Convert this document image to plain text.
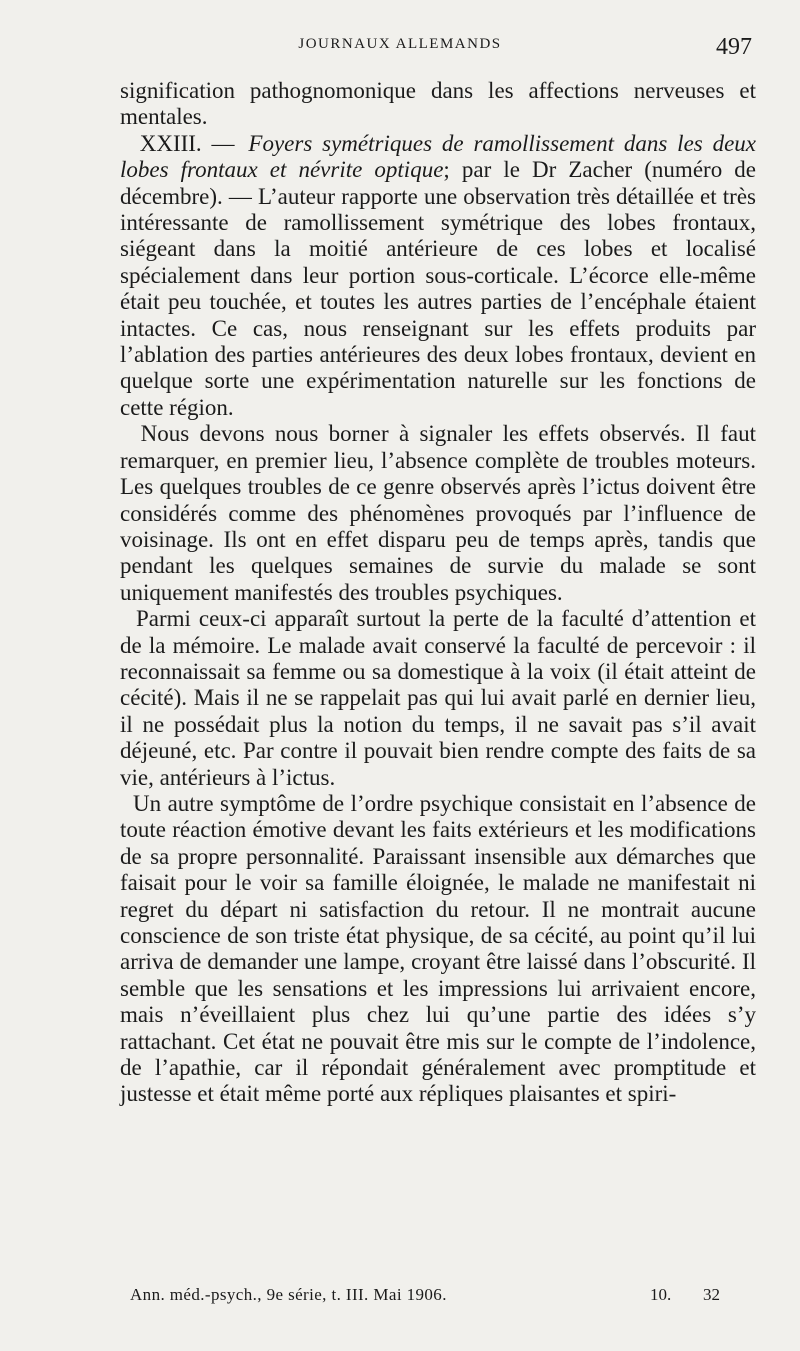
JOURNAUX ALLEMANDS	497

signification pathognomonique dans les affections nerveuses et mentales.

XXIII. — Foyers symétriques de ramollissement dans les deux lobes frontaux et névrite optique; par le Dr Zacher (numéro de décembre). — L’auteur rapporte une observation très détaillée et très intéressante de ramollissement symétrique des lobes frontaux, siégeant dans la moitié antérieure de ces lobes et localisé spécialement dans leur portion sous-corticale. L’écorce elle-même était peu touchée, et toutes les autres parties de l’encéphale étaient intactes. Ce cas, nous renseignant sur les effets produits par l’ablation des parties antérieures des deux lobes frontaux, devient en quelque sorte une expérimentation naturelle sur les fonctions de cette région.

Nous devons nous borner à signaler les effets observés. Il faut remarquer, en premier lieu, l’absence complète de troubles moteurs. Les quelques troubles de ce genre observés après l’ictus doivent être considérés comme des phénomènes provoqués par l’influence de voisinage. Ils ont en effet disparu peu de temps après, tandis que pendant les quelques semaines de survie du malade se sont uniquement manifestés des troubles psychiques.

Parmi ceux-ci apparaît surtout la perte de la faculté d’attention et de la mémoire. Le malade avait conservé la faculté de percevoir : il reconnaissait sa femme ou sa domestique à la voix (il était atteint de cécité). Mais il ne se rappelait pas qui lui avait parlé en dernier lieu, il ne possédait plus la notion du temps, il ne savait pas s’il avait déjeuné, etc. Par contre il pouvait bien rendre compte des faits de sa vie, antérieurs à l’ictus.

Un autre symptôme de l’ordre psychique consistait en l’absence de toute réaction émotive devant les faits extérieurs et les modifications de sa propre personnalité. Paraissant insensible aux démarches que faisait pour le voir sa famille éloignée, le malade ne manifestait ni regret du départ ni satisfaction du retour. Il ne montrait aucune conscience de son triste état physique, de sa cécité, au point qu’il lui arriva de demander une lampe, croyant être laissé dans l’obscurité. Il semble que les sensations et les impressions lui arrivaient encore, mais n’éveillaient plus chez lui qu’une partie des idées s’y rattachant. Cet état ne pouvait être mis sur le compte de l’indolence, de l’apathie, car il répondait généralement avec promptitude et justesse et était même porté aux répliques plaisantes et spiri-

Ann. méd.-psych., 9e série, t. III. Mai 1906.	10. 32
